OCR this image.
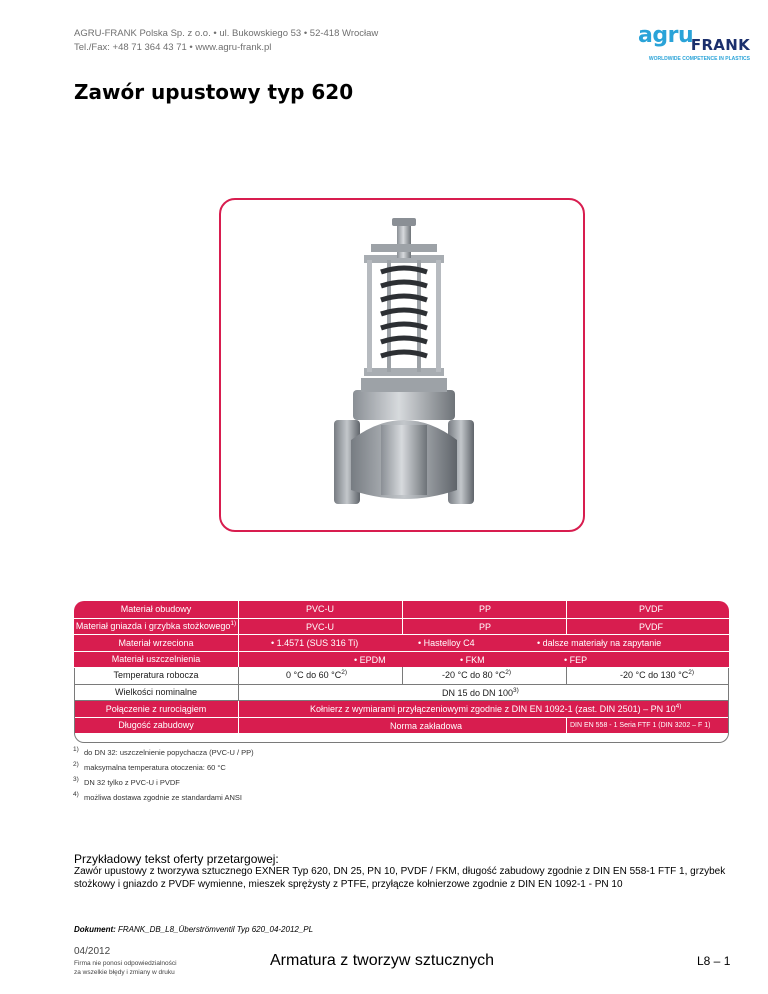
AGRU-FRANK Polska Sp. z o.o. • ul. Bukowskiego 53 • 52-418 Wrocław
Tel./Fax: +48 71 364 43 71 • www.agru-frank.pl	agru
FRANK
WORLDWIDE COMPETENCE IN PLASTICS
Zawór upustowy typ 620
Materiał obudowy	PVC-U	PP	PVDF
Materiał gniazda i grzybka stożkowego$^{1)}$	PVC-U	PP	PVDF
Materiał wrzeciona	• 1.4571 (SUS 316 Ti)	• Hastelloy C4	• dalsze materiały na zapytanie
Materiał uszczelnienia	• EPDM	• FKM	• FEP
Temperatura robocza	0 °C do 60 $^\circ C^{2)}$	-20 °C do 80 $^\circ C^{2)}$	-20 °C do 130 $^\circ C^{2)}$
Wielkości nominalne	DN 15 do DN 100$^{3)}$
Połączenie z rurociągiem	Kołnierz z wymiarami przyłączeniowymi zgodnie z DIN EN 1092-1 (zast. DIN 2501) – PN 10$^{4)}$
Długość zabudowy	Norma zakładowa	DIN EN 558 - 1 Seria FTF 1 (DIN 3202 – F 1)
1) do DN 32: uszczelnienie popychacza (PVC-U / PP)
2) maksymalna temperatura otoczenia: 60 °C
3) DN 32 tylko z PVC-U i PVDF
4) możliwa dostawa zgodnie ze standardami ANSI
Przykładowy tekst oferty przetargowej:
Zawór upustowy z tworzywa sztucznego EXNER Typ 620, DN 25, PN 10, PVDF / FKM, długość zabudowy zgodnie z DIN EN 558-1 FTF 1, grzybek stożkowy i gniazdo z PVDF wymienne, mieszek sprężysty z PTFE, przyłącze kołnierzowe zgodnie z DIN EN 1092-1 - PN 10
Dokument: FRANK_DB_L8_Überströmventil Typ 620_04-2012_PL
04/2012
Firma nie ponosi odpowiedzialności
za wszelkie błędy i zmiany w druku
Armatura z tworzyw sztucznych	L8 – 1
